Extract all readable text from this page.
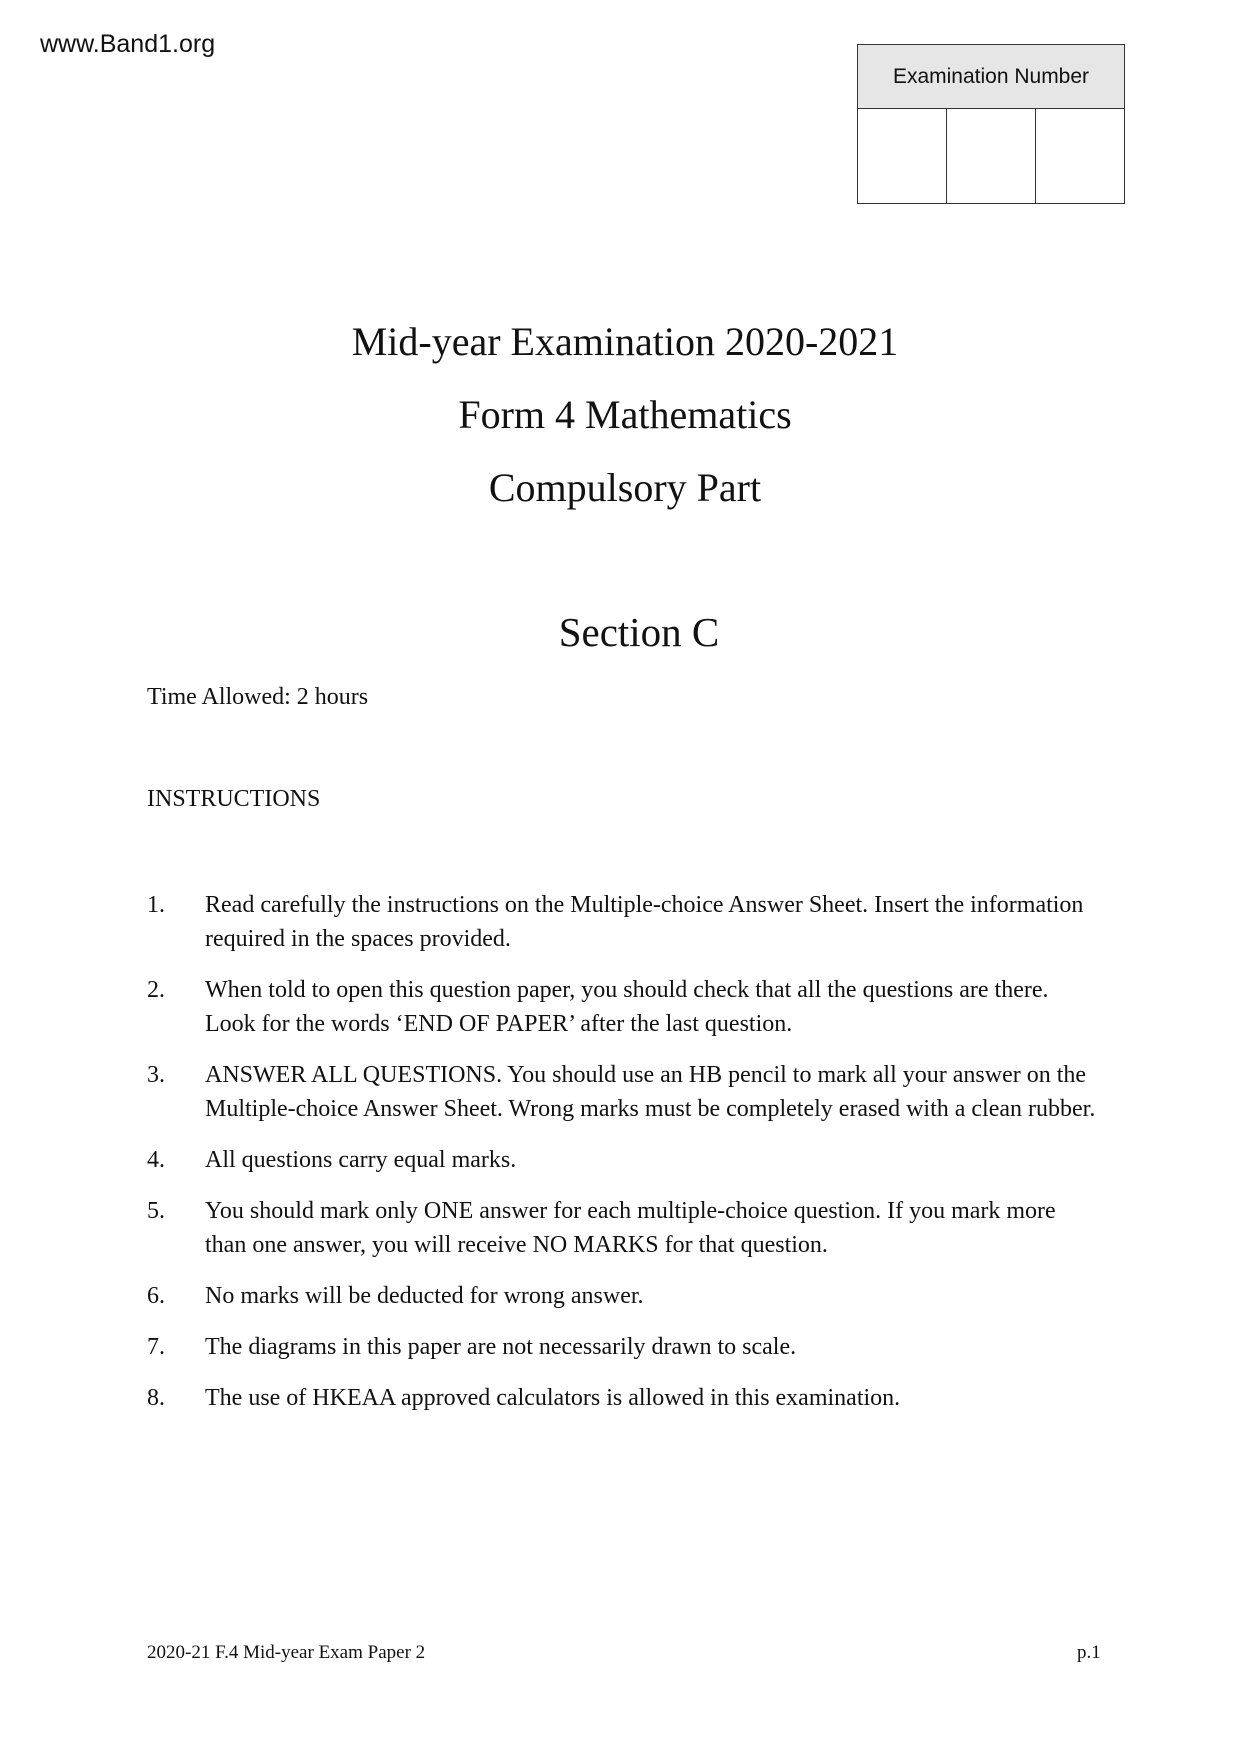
www.Band1.org
Examination Number
Mid-year Examination 2020-2021
Form 4 Mathematics
Compulsory Part
Section C
Time Allowed: 2 hours
INSTRUCTIONS
1.	Read carefully the instructions on the Multiple-choice Answer Sheet. Insert the information required in the spaces provided.
2.	When told to open this question paper, you should check that all the questions are there. Look for the words ‘END OF PAPER’ after the last question.
3.	ANSWER ALL QUESTIONS. You should use an HB pencil to mark all your answer on the Multiple-choice Answer Sheet. Wrong marks must be completely erased with a clean rubber.
4.	All questions carry equal marks.
5.	You should mark only ONE answer for each multiple-choice question. If you mark more than one answer, you will receive NO MARKS for that question.
6.	No marks will be deducted for wrong answer.
7.	The diagrams in this paper are not necessarily drawn to scale.
8.	The use of HKEAA approved calculators is allowed in this examination.
2020-21 F.4 Mid-year Exam Paper 2	p.1
